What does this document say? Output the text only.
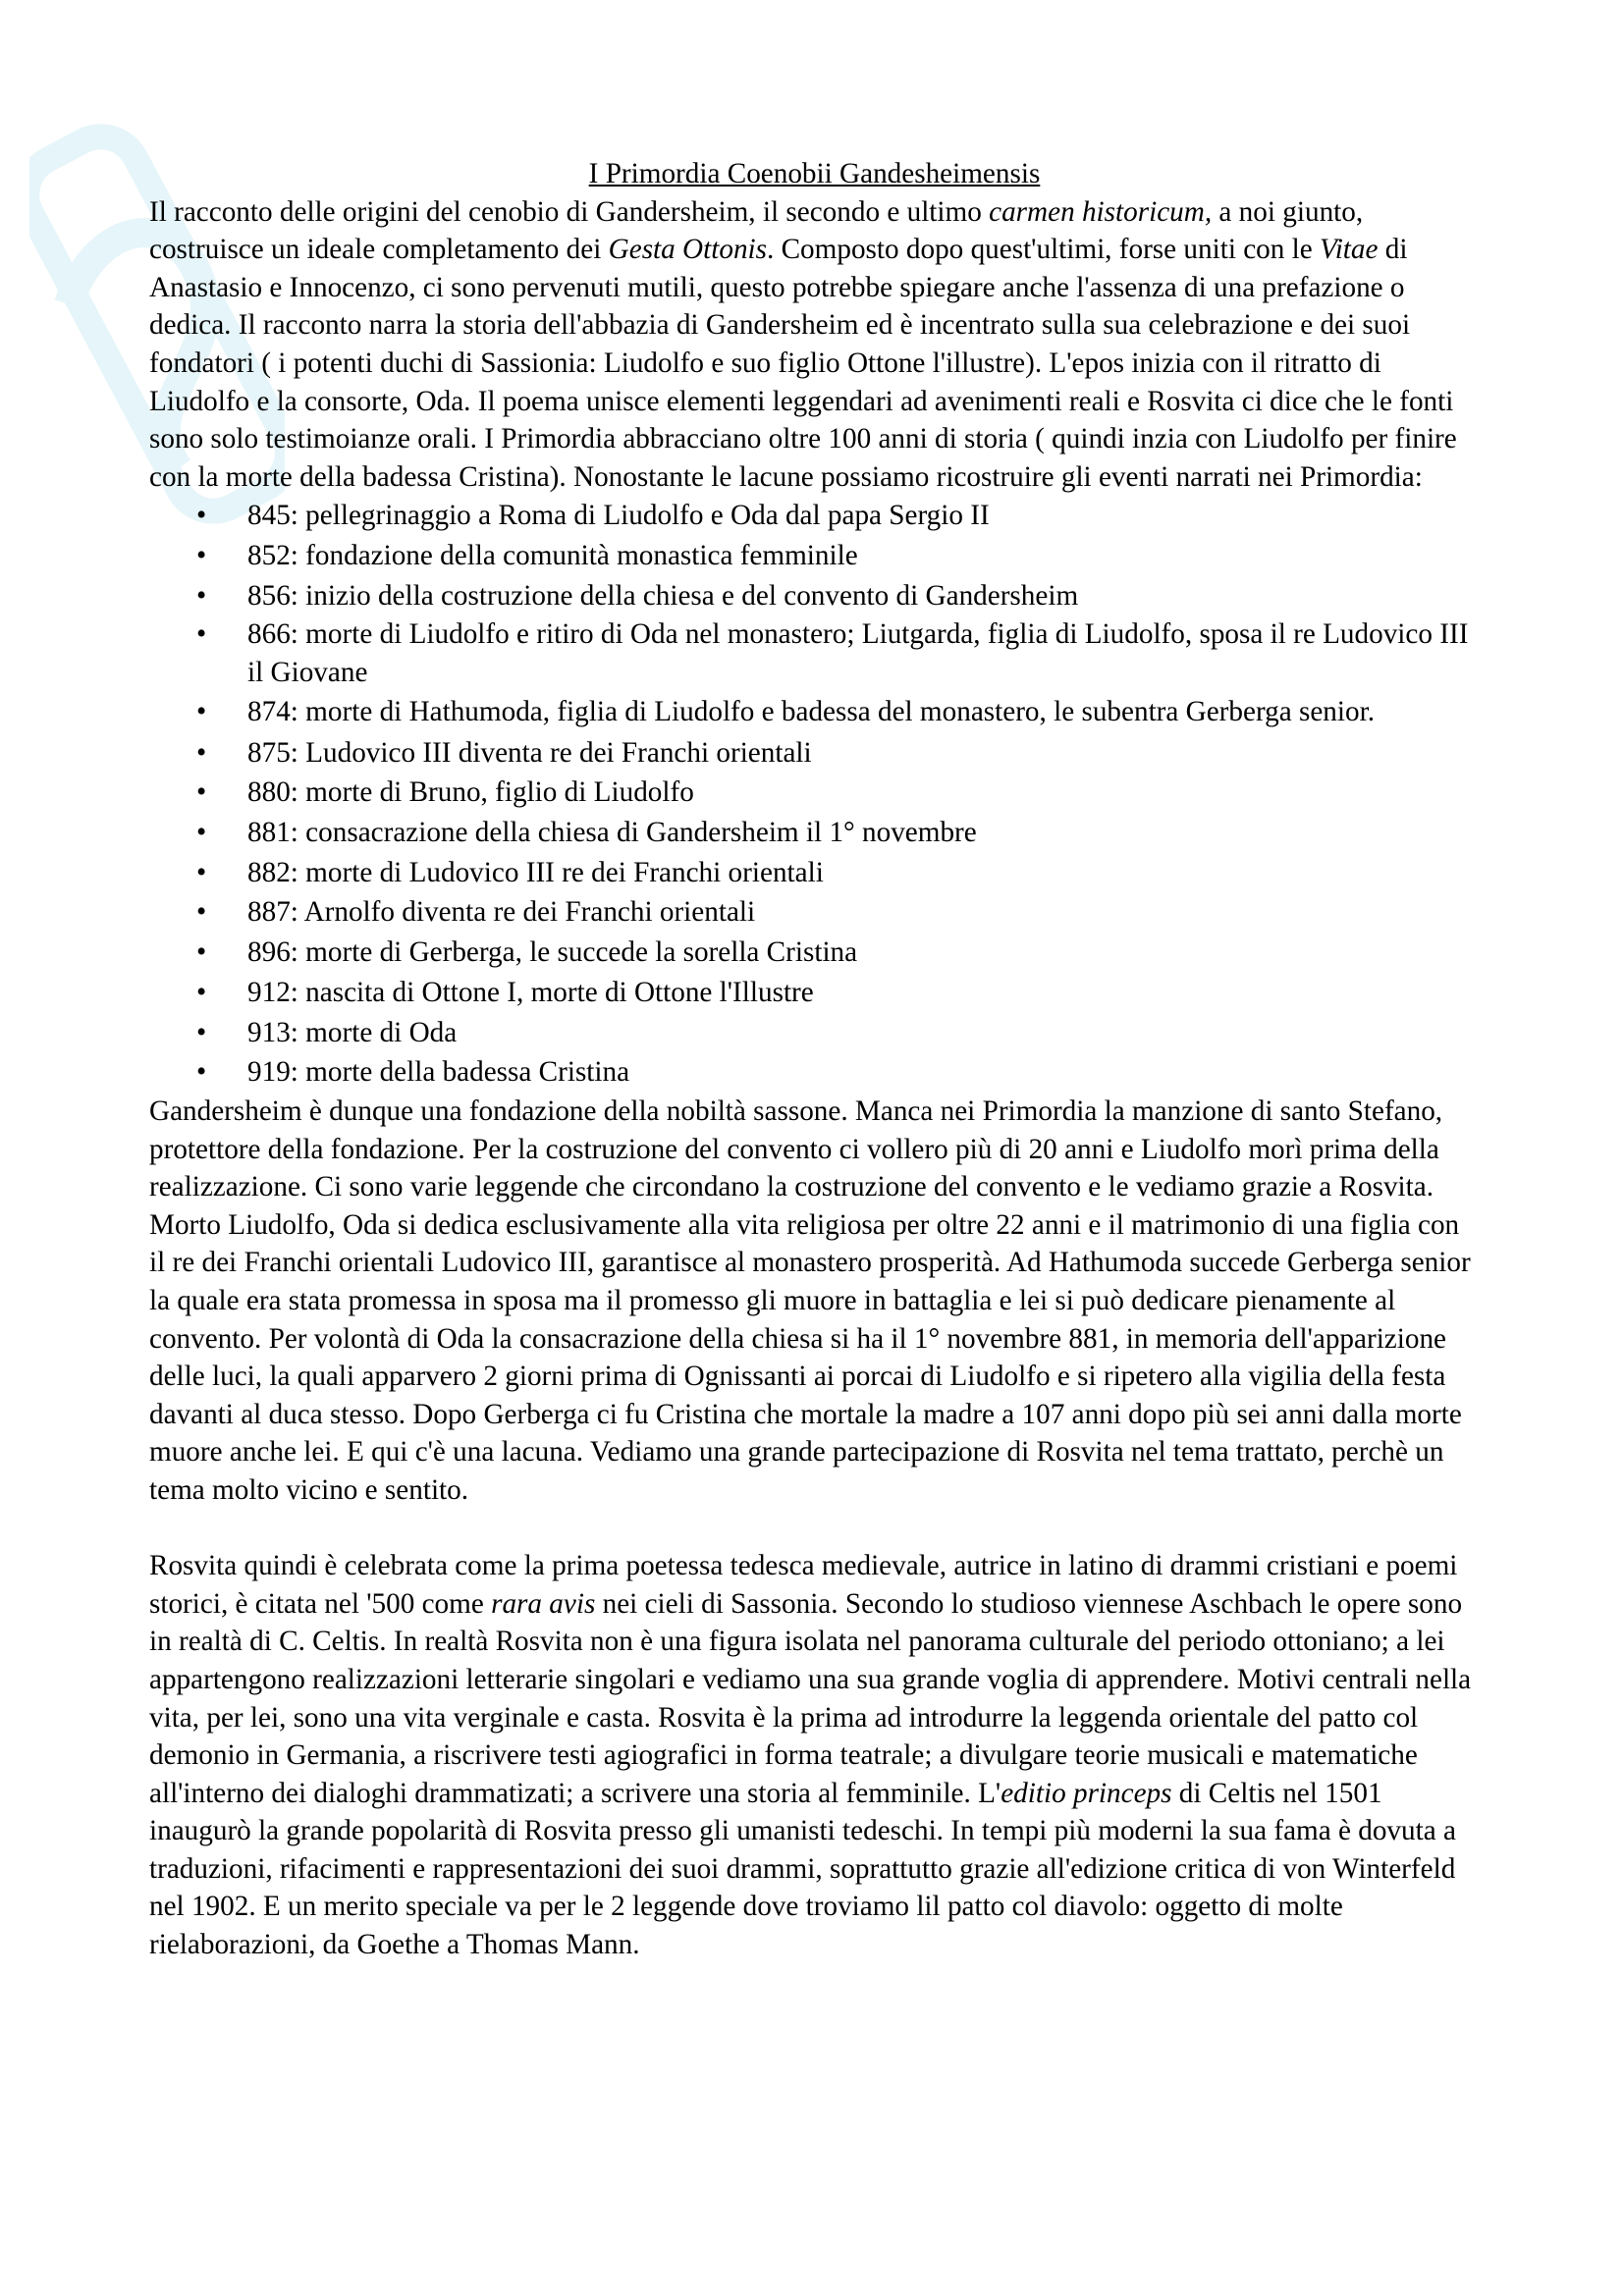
I Primordia Coenobii Gandesheimensis

Il racconto delle origini del cenobio di Gandersheim, il secondo e ultimo carmen historicum, a noi giunto, costruisce un ideale completamento dei Gesta Ottonis. Composto dopo quest'ultimi, forse uniti con le Vitae di Anastasio e Innocenzo, ci sono pervenuti mutili, questo potrebbe spiegare anche l'assenza di una prefazione o dedica. Il racconto narra la storia dell'abbazia di Gandersheim ed è incentrato sulla sua celebrazione e dei suoi fondatori ( i potenti duchi di Sassionia: Liudolfo e suo figlio Ottone l'illustre). L'epos inizia con il ritratto di Liudolfo e la consorte, Oda. Il poema unisce elementi leggendari ad avenimenti reali e Rosvita ci dice che le fonti sono solo testimoianze orali. I Primordia abbracciano oltre 100 anni di storia ( quindi inzia con Liudolfo per finire con la morte della badessa Cristina). Nonostante le lacune possiamo ricostruire gli eventi narrati nei Primordia:

• 845: pellegrinaggio a Roma di Liudolfo e Oda dal papa Sergio II
• 852: fondazione della comunità monastica femminile
• 856: inizio della costruzione della chiesa e del convento di Gandersheim
• 866: morte di Liudolfo e ritiro di Oda nel monastero; Liutgarda, figlia di Liudolfo, sposa il re Ludovico III il Giovane
• 874: morte di Hathumoda, figlia di Liudolfo e badessa del monastero, le subentra Gerberga senior.
• 875: Ludovico III diventa re dei Franchi orientali
• 880: morte di Bruno, figlio di Liudolfo
• 881: consacrazione della chiesa di Gandersheim il 1° novembre
• 882: morte di Ludovico III re dei Franchi orientali
• 887: Arnolfo diventa re dei Franchi orientali
• 896: morte di Gerberga, le succede la sorella Cristina
• 912: nascita di Ottone I, morte di Ottone l'Illustre
• 913: morte di Oda
• 919: morte della badessa Cristina

Gandersheim è dunque una fondazione della nobiltà sassone. Manca nei Primordia la manzione di santo Stefano, protettore della fondazione. Per la costruzione del convento ci vollero più di 20 anni e Liudolfo morì prima della realizzazione. Ci sono varie leggende che circondano la costruzione del convento e le vediamo grazie a Rosvita. Morto Liudolfo, Oda si dedica esclusivamente alla vita religiosa per oltre 22 anni e il matrimonio di una figlia con il re dei Franchi orientali Ludovico III, garantisce al monastero prosperità. Ad Hathumoda succede Gerberga senior la quale era stata promessa in sposa ma il promesso gli muore in battaglia e lei si può dedicare pienamente al convento. Per volontà di Oda la consacrazione della chiesa si ha il 1° novembre 881, in memoria dell'apparizione delle luci, la quali apparvero 2 giorni prima di Ognissanti ai porcai di Liudolfo e si ripetero alla vigilia della festa davanti al duca stesso. Dopo Gerberga ci fu Cristina che mortale la madre a 107 anni dopo più sei anni dalla morte muore anche lei. E qui c'è una lacuna. Vediamo una grande partecipazione di Rosvita nel tema trattato, perchè un tema molto vicino e sentito.

Rosvita quindi è celebrata come la prima poetessa tedesca medievale, autrice in latino di drammi cristiani e poemi storici, è citata nel '500 come rara avis nei cieli di Sassonia. Secondo lo studioso viennese Aschbach le opere sono in realtà di C. Celtis. In realtà Rosvita non è una figura isolata nel panorama culturale del periodo ottoniano; a lei appartengono realizzazioni letterarie singolari e vediamo una sua grande voglia di apprendere. Motivi centrali nella vita, per lei, sono una vita verginale e casta. Rosvita è la prima ad introdurre la leggenda orientale del patto col demonio in Germania, a riscrivere testi agiografici in forma teatrale; a divulgare teorie musicali e matematiche all'interno dei dialoghi drammatizati; a scrivere una storia al femminile. L'editio princeps di Celtis nel 1501 inaugurò la grande popolarità di Rosvita presso gli umanisti tedeschi. In tempi più moderni la sua fama è dovuta a traduzioni, rifacimenti e rappresentazioni dei suoi drammi, soprattutto grazie all'edizione critica di von Winterfeld nel 1902. E un merito speciale va per le 2 leggende dove troviamo lil patto col diavolo: oggetto di molte rielaborazioni, da Goethe a Thomas Mann.
